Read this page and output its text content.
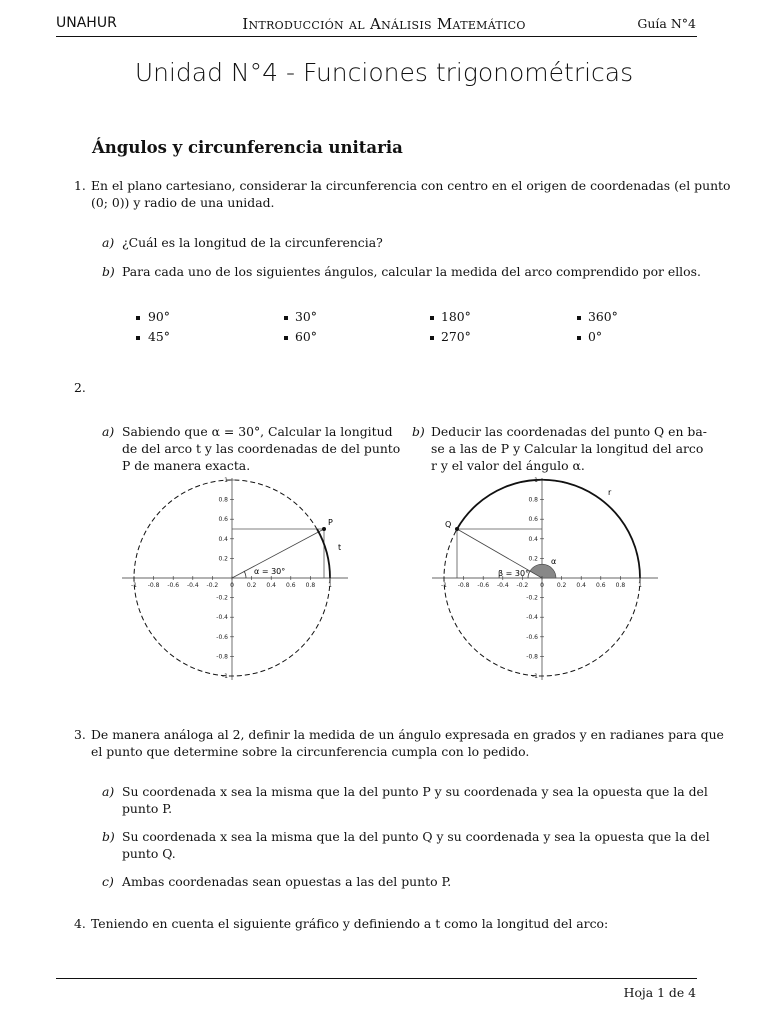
UNAHUR	Introducción al Análisis Matemático	Guía N°4
Unidad N°4 - Funciones trigonométricas
Ángulos y circunferencia unitaria
1. En el plano cartesiano, considerar la circunferencia con centro en el origen de coordenadas (el punto
(0; 0)) y radio de una unidad.
a) ¿Cuál es la longitud de la circunferencia?
b) Para cada uno de los siguientes ángulos, calcular la medida del arco comprendido por ellos.
90°
45°
30°
60°
180°
270°
360°
0°
2.
a) Sabiendo que α = 30°, Calcular la longitud
de del arco t y las coordenadas de del punto
P de manera exacta.
b) Deducir las coordenadas del punto Q en ba-
se a las de P y Calcular la longitud del arco
r y el valor del ángulo α.
P
t
α = 30°
-1 -0.8 -0.6 -0.4 -0.2 0 0.2 0.4 0.6 0.8 1
0.2
0.4
0.6
0.8
1
-0.2
-0.4
-0.6
-0.8
-1
Q
r
β = 30°
α
-1 -0.8 -0.6 -0.4 -0.2 0 0.2 0.4 0.6 0.8 1
0.2
0.4
0.6
0.8
1
-0.2
-0.4
-0.6
-0.8
-1
3. De manera análoga al 2, definir la medida de un ángulo expresada en grados y en radianes para que
el punto que determine sobre la circunferencia cumpla con lo pedido.
a) Su coordenada x sea la misma que la del punto P y su coordenada y sea la opuesta que la del
punto P.
b) Su coordenada x sea la misma que la del punto Q y su coordenada y sea la opuesta que la del
punto Q.
c) Ambas coordenadas sean opuestas a las del punto P.
4. Teniendo en cuenta el siguiente gráfico y definiendo a t como la longitud del arco:
Hoja 1 de 4
